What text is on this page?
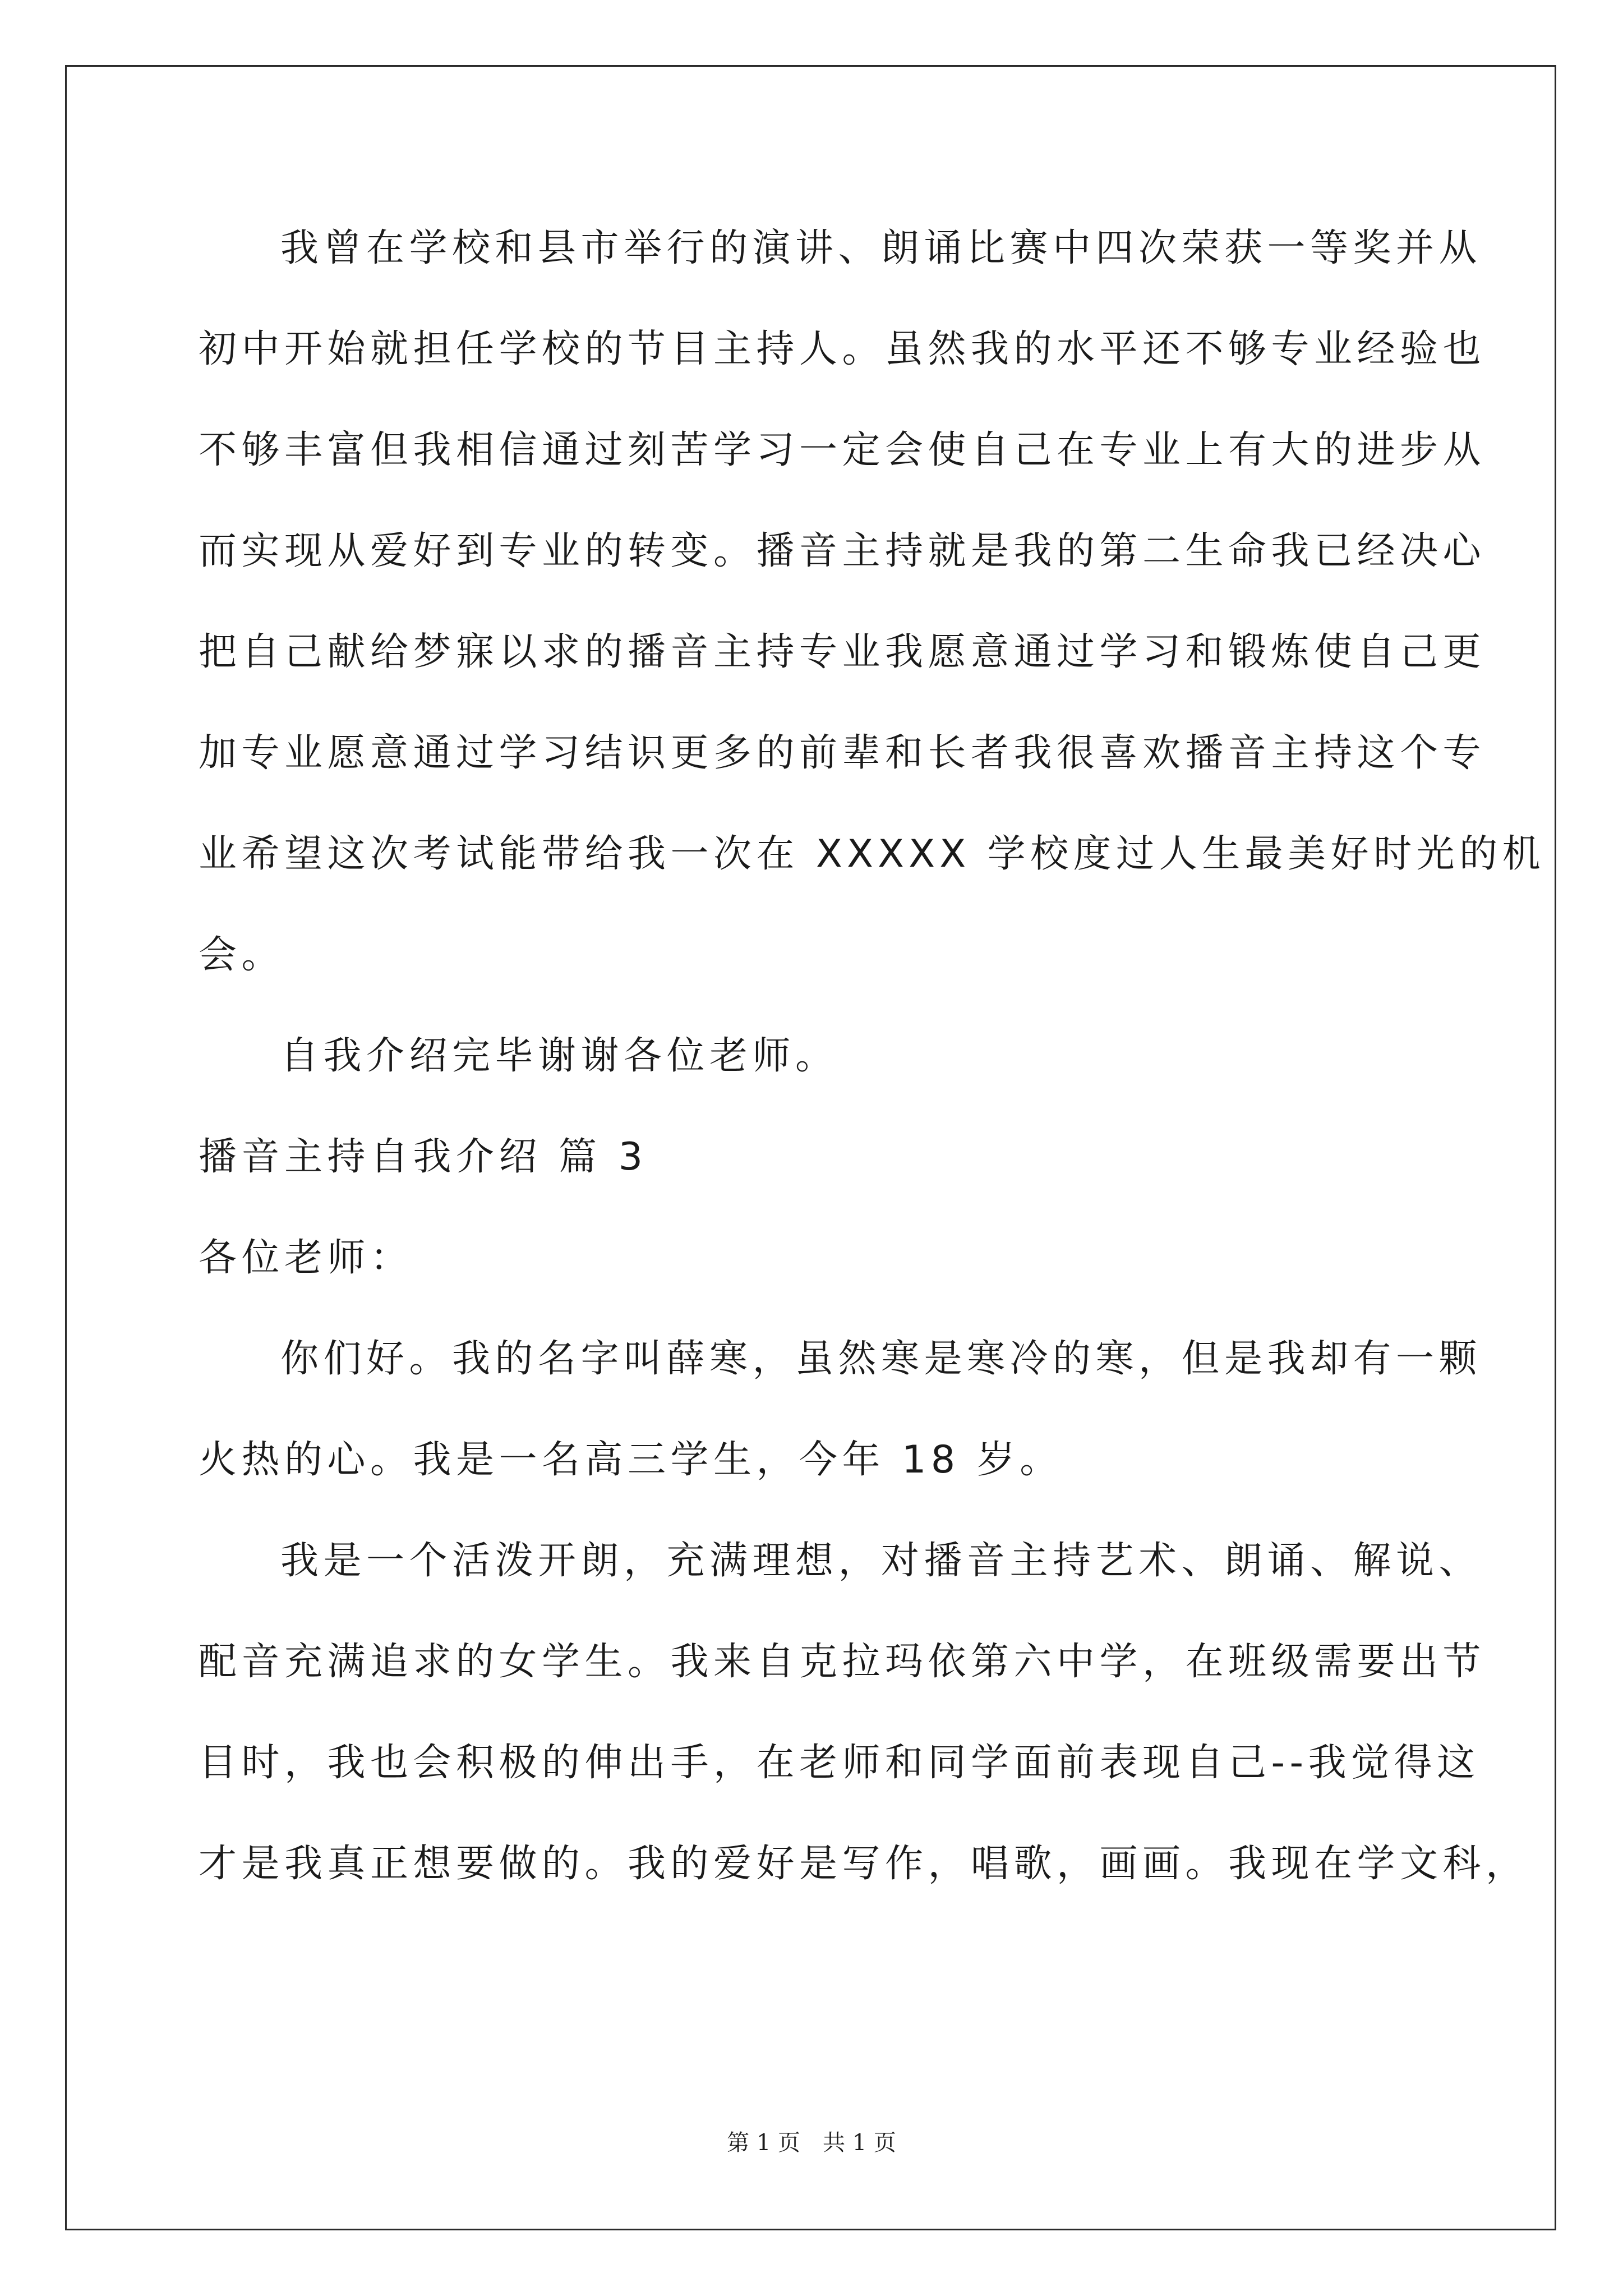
我曾在学校和县市举行的演讲、朗诵比赛中四次荣获一等奖并从
初中开始就担任学校的节目主持人。虽然我的水平还不够专业经验也
不够丰富但我相信通过刻苦学习一定会使自己在专业上有大的进步从
而实现从爱好到专业的转变。播音主持就是我的第二生命我已经决心
把自己献给梦寐以求的播音主持专业我愿意通过学习和锻炼使自己更
加专业愿意通过学习结识更多的前辈和长者我很喜欢播音主持这个专
业希望这次考试能带给我一次在 XXXXX 学校度过人生最美好时光的机
会。
自我介绍完毕谢谢各位老师。
播音主持自我介绍 篇 3
各位老师：
你们好。我的名字叫薛寒，虽然寒是寒冷的寒，但是我却有一颗
火热的心。我是一名高三学生，今年 18 岁。
我是一个活泼开朗，充满理想，对播音主持艺术、朗诵、解说、
配音充满追求的女学生。我来自克拉玛依第六中学，在班级需要出节
目时，我也会积极的伸出手，在老师和同学面前表现自己--我觉得这
才是我真正想要做的。我的爱好是写作，唱歌，画画。我现在学文科，
第 1 页　共 1 页
